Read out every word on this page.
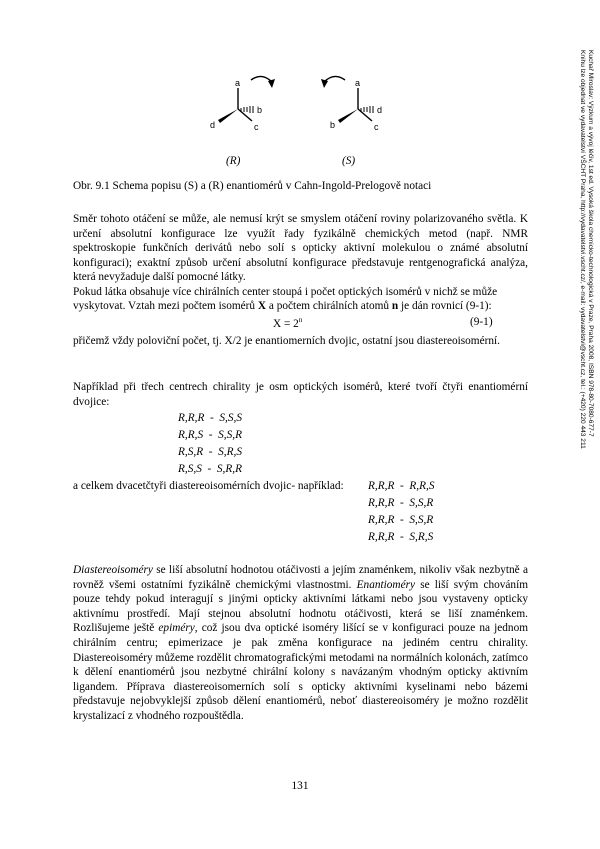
a
b
d	c
(R)
a
d
b	c
(S)
Obr. 9.1 Schema popisu (S) a (R) enantiomérů v Cahn-Ingold-Prelogově notaci
Směr tohoto otáčení se může, ale nemusí krýt se smyslem otáčení roviny polarizovaného světla. K určení absolutní konfigurace lze využít řady fyzikálně chemických metod (např. NMR spektroskopie funkčních derivátů nebo solí s opticky aktivní molekulou o známé absolutní konfiguraci); exaktní způsob určení absolutní konfigurace představuje rentgenografická analýza, která nevyžaduje další pomocné látky.
Pokud látka obsahuje více chirálních center stoupá i počet optických isomérů v nichž se může
vyskytovat. Vztah mezi počtem isomérů X a počtem chirálních atomů n je dán rovnicí (9-1):
$X = 2^n$	(9-1)
přičemž vždy poloviční počet, tj. X/2 je enantiomerních dvojic, ostatní jsou diastereoisomérní.
Například při třech centrech chirality je osm optických isomérů, které tvoří čtyři enantiomérní dvojice:
R,R,R  -  S,S,S
R,R,S  -  S,S,R
R,S,R  -  S,R,S
R,S,S  -  S,R,R
a celkem dvacetčtyři diastereoisomérních dvojic- například: R,R,R  -  R,R,S
R,R,R  -  S,S,R
R,R,R  -  S,S,R
R,R,R  -  S,R,S
Diastereoisoméry se liší absolutní hodnotou otáčivosti a jejím znaménkem, nikoliv však nezbytně a rovněž všemi ostatními fyzikálně chemickými vlastnostmi. Enantioméry se liší svým chováním pouze tehdy pokud interagují s jinými opticky aktivními látkami nebo jsou vystaveny opticky aktivnímu prostředí. Mají stejnou absolutní hodnotu otáčivosti, která se liší znaménkem. Rozlišujeme ještě epiméry, což jsou dva optické isoméry lišící se v konfiguraci pouze na jednom chirálním centru; epimerizace je pak změna konfigurace na jediném centru chirality. Diastereoisoméry můžeme rozdělit chromatografickými metodami na normálních kolonách, zatímco k dělení enantiomérů jsou nezbytné chirální kolony s navázaným vhodným opticky aktivním ligandem. Příprava diastereoisomerních solí s opticky aktivními kyselinami nebo bázemi představuje nejobvyklejší způsob dělení enantiomérů, neboť diastereoisoméry je možno rozdělit krystalizací z vhodného rozpouštědla.
131
Kuchař Miroslav: Výzkum a vývoj léčiv, 1st ed. Vysoká škola chemicko-technologická v Praze, Praha 2008, ISBN 978-80-7080-677-7
Knihu lze objednat ve vydavatelství VŠCHT Praha, http://vydavatelstvi.vscht.cz/, e-mail: vydavatelstvi@vscht.cz, tel.: (+420) 220 443 211
